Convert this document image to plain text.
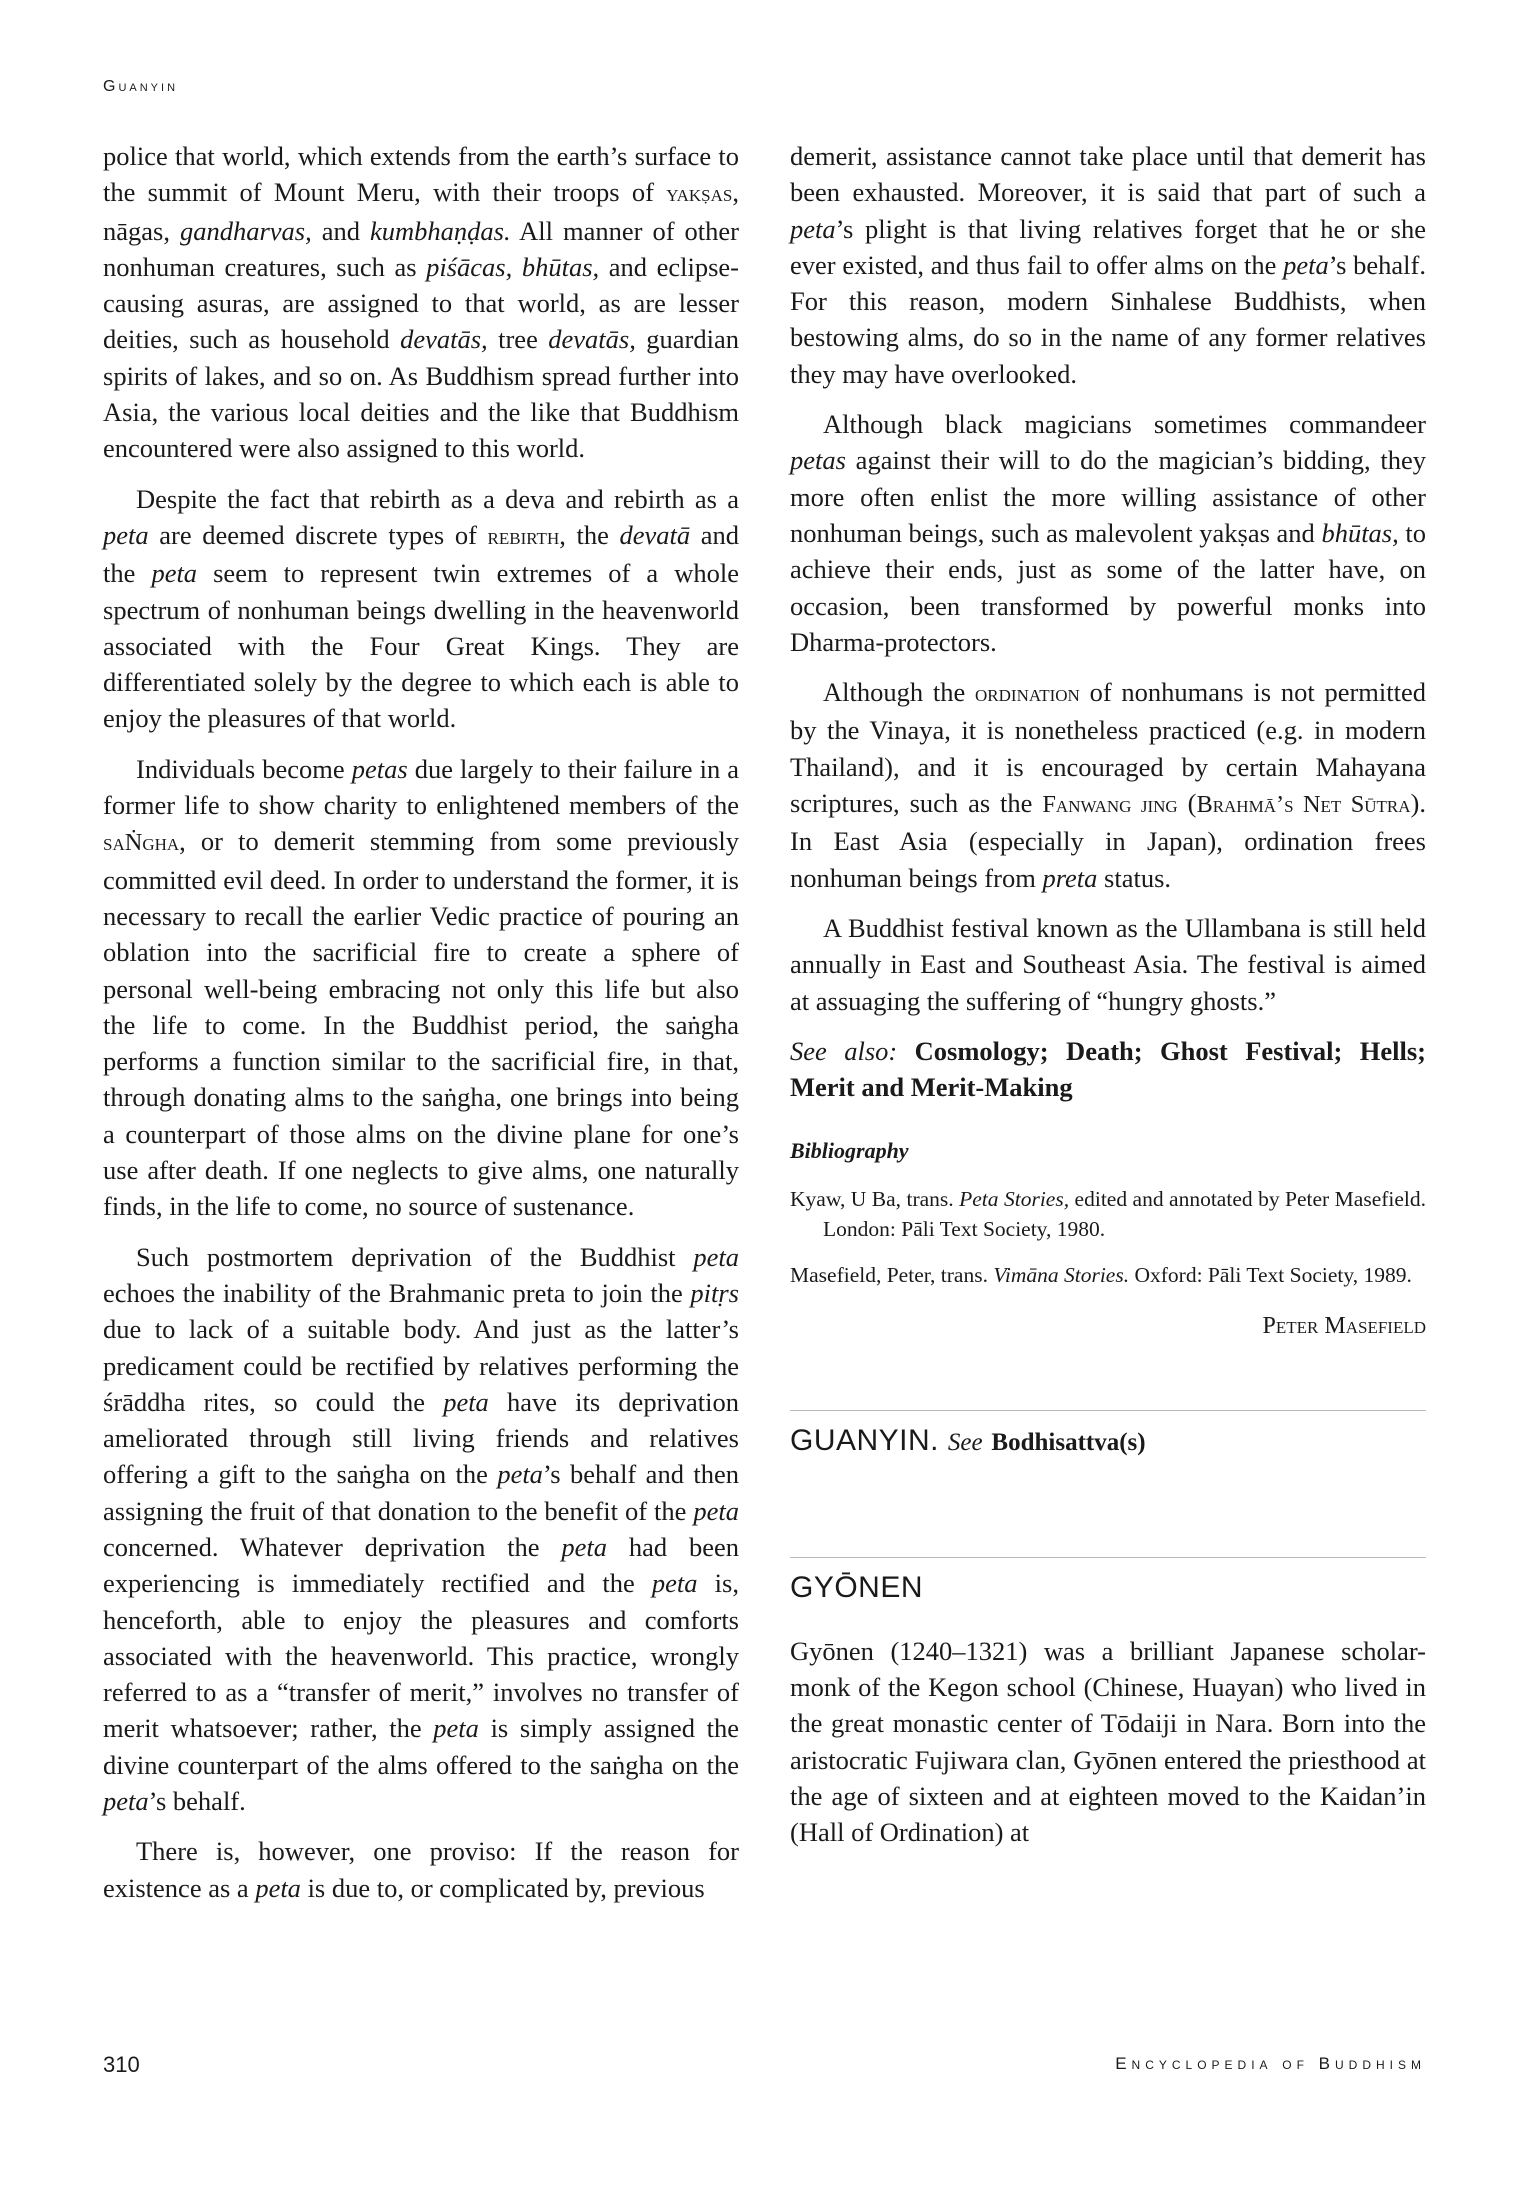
Guanyin

police that world, which extends from the earth’s surface to the summit of Mount Meru, with their troops of yakṣas, nāgas, gandharvas, and kumbhaṇḍas. All manner of other nonhuman creatures, such as piśācas, bhūtas, and eclipse-causing asuras, are assigned to that world, as are lesser deities, such as household devatās, tree devatās, guardian spirits of lakes, and so on. As Buddhism spread further into Asia, the various local deities and the like that Buddhism encountered were also assigned to this world.

Despite the fact that rebirth as a deva and rebirth as a peta are deemed discrete types of rebirth, the devatā and the peta seem to represent twin extremes of a whole spectrum of nonhuman beings dwelling in the heavenworld associated with the Four Great Kings. They are differentiated solely by the degree to which each is able to enjoy the pleasures of that world.

Individuals become petas due largely to their failure in a former life to show charity to enlightened members of the saṄgha, or to demerit stemming from some previously committed evil deed. In order to understand the former, it is necessary to recall the earlier Vedic practice of pouring an oblation into the sacrificial fire to create a sphere of personal well-being embracing not only this life but also the life to come. In the Buddhist period, the saṅgha performs a function similar to the sacrificial fire, in that, through donating alms to the saṅgha, one brings into being a counterpart of those alms on the divine plane for one’s use after death. If one neglects to give alms, one naturally finds, in the life to come, no source of sustenance.

Such postmortem deprivation of the Buddhist peta echoes the inability of the Brahmanic preta to join the pitṛs due to lack of a suitable body. And just as the latter’s predicament could be rectified by relatives performing the śrāddha rites, so could the peta have its deprivation ameliorated through still living friends and relatives offering a gift to the saṅgha on the peta’s behalf and then assigning the fruit of that donation to the benefit of the peta concerned. Whatever deprivation the peta had been experiencing is immediately rectified and the peta is, henceforth, able to enjoy the pleasures and comforts associated with the heavenworld. This practice, wrongly referred to as a “transfer of merit,” involves no transfer of merit whatsoever; rather, the peta is simply assigned the divine counterpart of the alms offered to the saṅgha on the peta’s behalf.

There is, however, one proviso: If the reason for existence as a peta is due to, or complicated by, previous

demerit, assistance cannot take place until that demerit has been exhausted. Moreover, it is said that part of such a peta’s plight is that living relatives forget that he or she ever existed, and thus fail to offer alms on the peta’s behalf. For this reason, modern Sinhalese Buddhists, when bestowing alms, do so in the name of any former relatives they may have overlooked.

Although black magicians sometimes commandeer petas against their will to do the magician’s bidding, they more often enlist the more willing assistance of other nonhuman beings, such as malevolent yakṣas and bhūtas, to achieve their ends, just as some of the latter have, on occasion, been transformed by powerful monks into Dharma-protectors.

Although the ordination of nonhumans is not permitted by the Vinaya, it is nonetheless practiced (e.g. in modern Thailand), and it is encouraged by certain Mahayana scriptures, such as the Fanwang jing (Brahmā’s Net Sūtra). In East Asia (especially in Japan), ordination frees nonhuman beings from preta status.

A Buddhist festival known as the Ullambana is still held annually in East and Southeast Asia. The festival is aimed at assuaging the suffering of “hungry ghosts.”

See also: Cosmology; Death; Ghost Festival; Hells; Merit and Merit-Making

Bibliography
Kyaw, U Ba, trans. Peta Stories, edited and annotated by Peter Masefield. London: Pāli Text Society, 1980.
Masefield, Peter, trans. Vimāna Stories. Oxford: Pāli Text Society, 1989.
Peter Masefield
GUANYIN. See Bodhisattva(s)
GYŌNEN

Gyōnen (1240–1321) was a brilliant Japanese scholar-monk of the Kegon school (Chinese, Huayan) who lived in the great monastic center of Tōdaiji in Nara. Born into the aristocratic Fujiwara clan, Gyōnen entered the priesthood at the age of sixteen and at eighteen moved to the Kaidan’in (Hall of Ordination) at

310	Encyclopedia of Buddhism
